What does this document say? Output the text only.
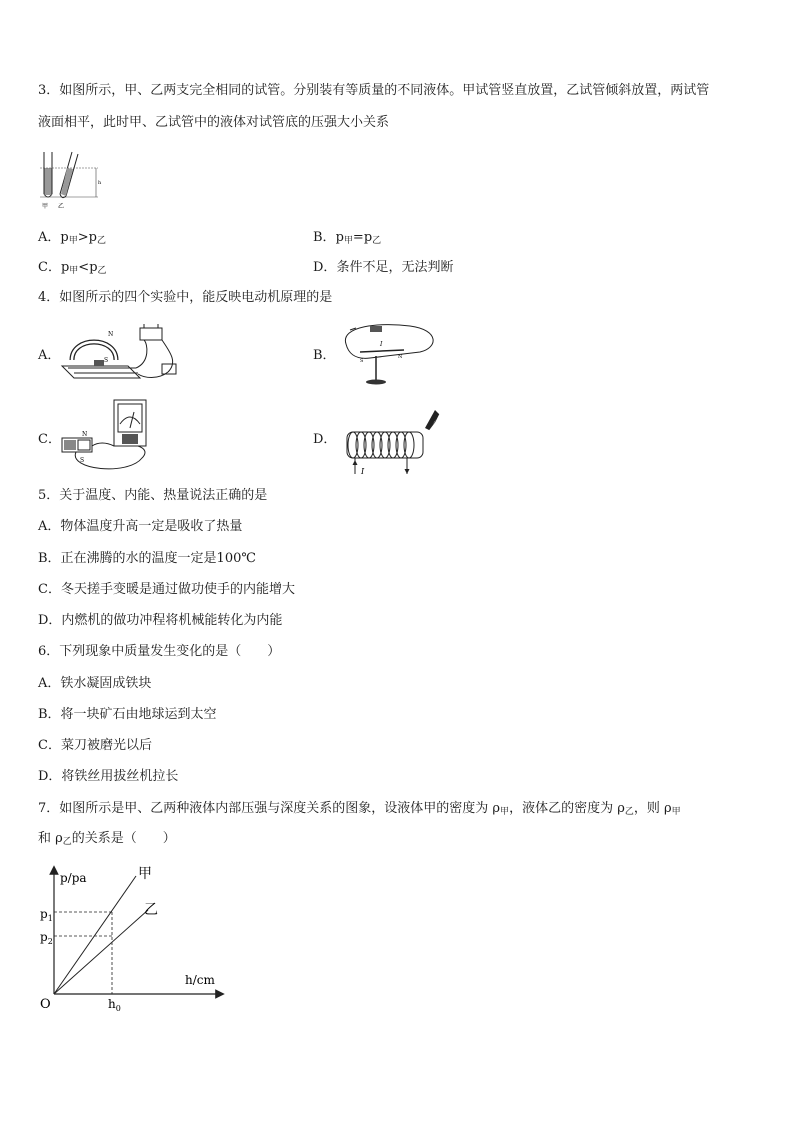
3．如图所示，甲、乙两支完全相同的试管。分别装有等质量的不同液体。甲试管竖直放置，乙试管倾斜放置，两试管
液面相平，此时甲、乙试管中的液体对试管底的压强大小关系
h
甲 乙
A．$p_甲>p_乙$	B．$p_甲=p_乙$
C．$p_甲<p_乙$	D．条件不足，无法判断
4．如图所示的四个实验中，能反映电动机原理的是
A．
N
S	B．
I
S
N
C．	N
S
D．
I
5．关于温度、内能、热量说法正确的是
A．物体温度升高一定是吸收了热量
B．正在沸腾的水的温度一定是100℃
C．冬天搓手变暖是通过做功使手的内能增大
D．内燃机的做功冲程将机械能转化为内能
6．下列现象中质量发生变化的是（　　）
A．铁水凝固成铁块
B．将一块矿石由地球运到太空
C．菜刀被磨光以后
D．将铁丝用拔丝机拉长
7．如图所示是甲、乙两种液体内部压强与深度关系的图象，设液体甲的密度为 $\rho_甲$，液体乙的密度为 $\rho_乙$，则 $\rho_甲$
和 $\rho_乙$的关系是（　　）
p/pa
h/cm
O
甲
乙
$p_1$
$p_2$
$h_0$
